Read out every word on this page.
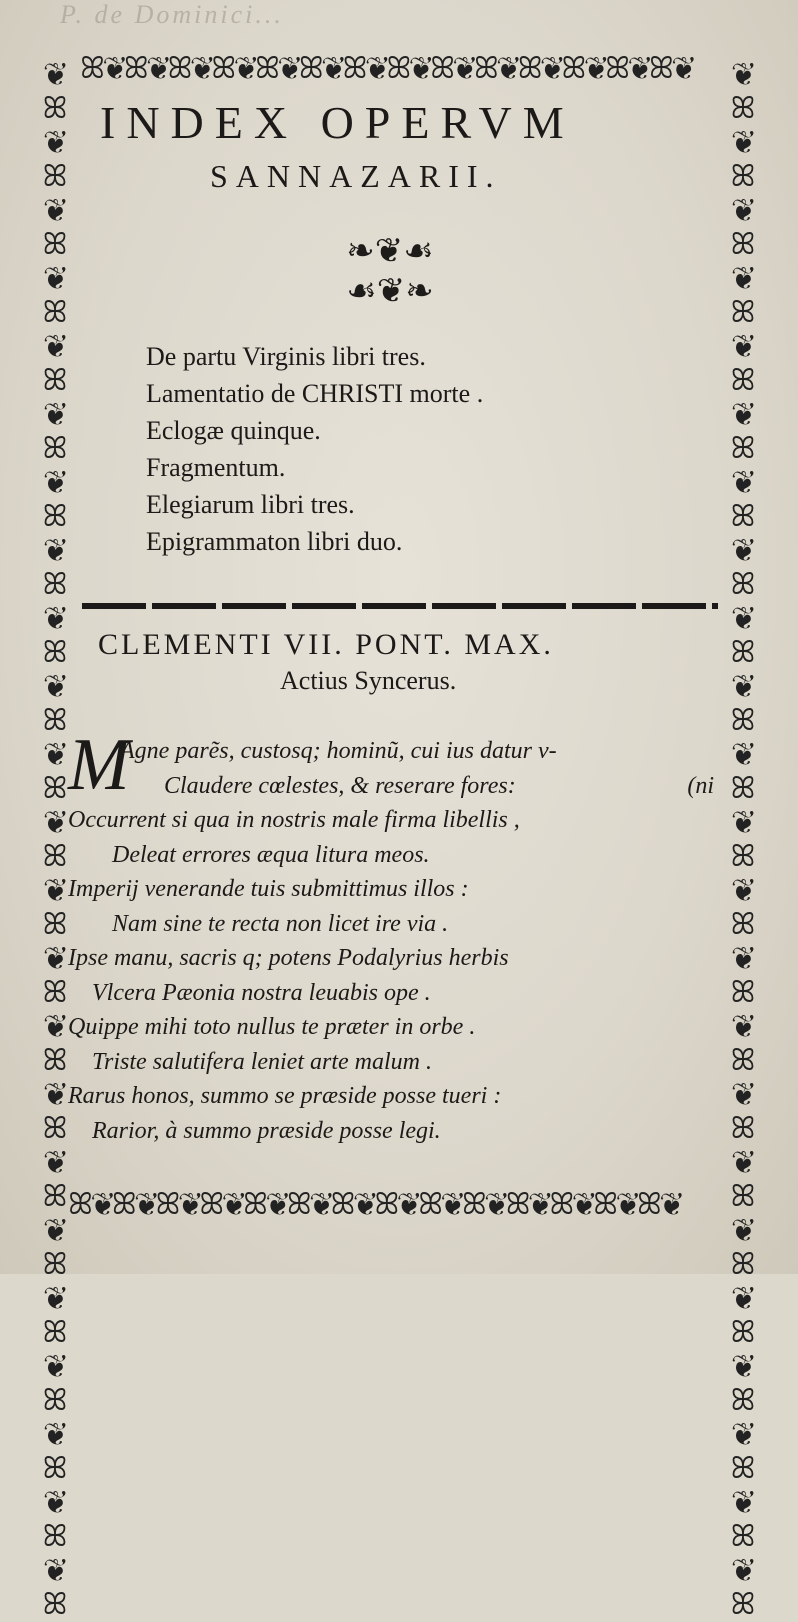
P. de Dominici...
ꕤ❦ꕤ❦ꕤ❦ꕤ❦ꕤ❦ꕤ❦ꕤ❦ꕤ❦ꕤ❦ꕤ❦ꕤ❦ꕤ❦ꕤ❦ꕤ❦
ꕤ❦ꕤ❦ꕤ❦ꕤ❦ꕤ❦ꕤ❦ꕤ❦ꕤ❦ꕤ❦ꕤ❦ꕤ❦ꕤ❦ꕤ❦ꕤ❦
❦ ꕤ ❦ ꕤ ❦ ꕤ ❦ ꕤ ❦ ꕤ ❦ ꕤ ❦ ꕤ ❦ ꕤ ❦ ꕤ ❦ ꕤ ❦ ꕤ ❦ ꕤ ❦ ꕤ ❦ ꕤ ❦ ꕤ ❦ ꕤ ❦ ꕤ ❦ ꕤ ❦ ꕤ ❦ ꕤ ❦ ꕤ ❦ ꕤ ❦ ꕤ
❦ ꕤ ❦ ꕤ ❦ ꕤ ❦ ꕤ ❦ ꕤ ❦ ꕤ ❦ ꕤ ❦ ꕤ ❦ ꕤ ❦ ꕤ ❦ ꕤ ❦ ꕤ ❦ ꕤ ❦ ꕤ ❦ ꕤ ❦ ꕤ ❦ ꕤ ❦ ꕤ ❦ ꕤ ❦ ꕤ ❦ ꕤ ❦ ꕤ ❦ ꕤ
INDEX OPERVM
SANNAZARII.
❧❦☙
☙❦❧
De partu Virginis libri tres.
Lamentatio de CHRISTI morte .
Eclogæ quinque.
Fragmentum.
Elegiarum libri tres.
Epigrammaton libri duo.
CLEMENTI VII. PONT. MAX.
Actius Syncerus.
M
Agne parẽs, custosq; hominũ, cui ius datur v-
Claudere cœlestes, & reserare fores:	(ni
Occurrent si qua in nostris male firma libellis ,
Deleat errores æqua litura meos.
Imperij venerande tuis submittimus illos :
Nam sine te recta non licet ire via .
Ipse manu, sacris q; potens Podalyrius herbis
Vlcera Pæonia nostra leuabis ope .
Quippe mihi toto nullus te præter in orbe .
Triste salutifera leniet arte malum .
Rarus honos, summo se præside posse tueri :
Rarior, à summo præside posse legi.
